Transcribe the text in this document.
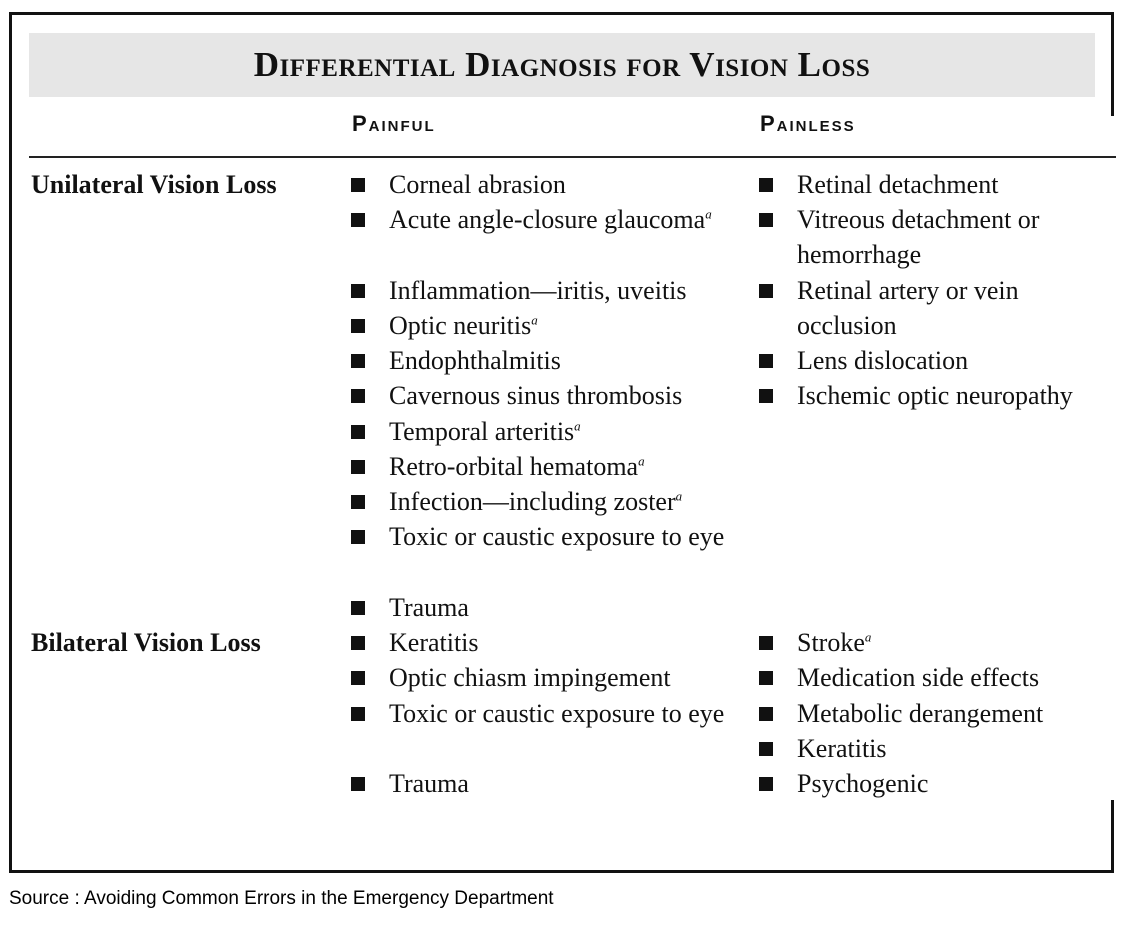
Differential Diagnosis for Vision Loss
Painful	Painless
Unilateral Vision Loss
Bilateral Vision Loss
Corneal abrasion
Acute angle-closure glaucoma$^a$
Inflammation—iritis, uveitis
Optic neuritis$^a$
Endophthalmitis
Cavernous sinus thrombosis
Temporal arteritis$^a$
Retro-orbital hematoma$^a$
Infection—including zoster$^a$
Toxic or caustic exposure to eye
Trauma
Retinal detachment
Vitreous detachment or hemorrhage
Retinal artery or vein occlusion
Lens dislocation
Ischemic optic neuropathy
Keratitis
Optic chiasm impingement
Toxic or caustic exposure to eye
Trauma
Stroke$^a$
Medication side effects
Metabolic derangement
Keratitis
Psychogenic
Source : Avoiding Common Errors in the Emergency Department
